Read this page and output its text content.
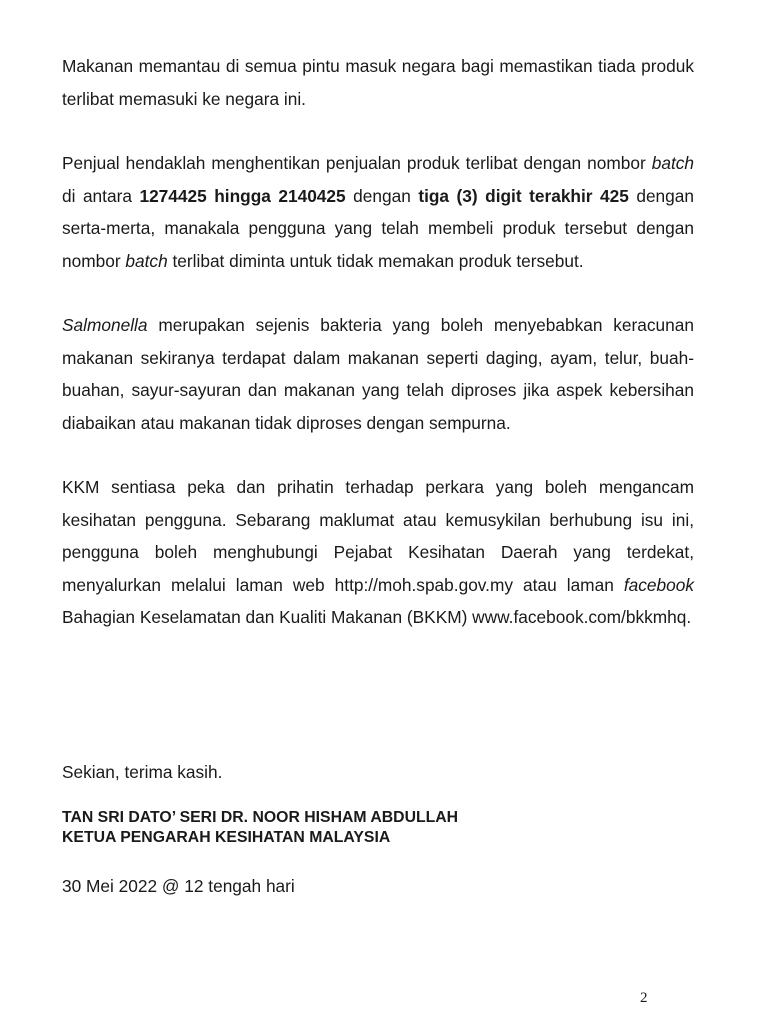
Makanan memantau di semua pintu masuk negara bagi memastikan tiada produk terlibat memasuki ke negara ini.

Penjual hendaklah menghentikan penjualan produk terlibat dengan nombor batch di antara 1274425 hingga 2140425 dengan tiga (3) digit terakhir 425 dengan serta-merta, manakala pengguna yang telah membeli produk tersebut dengan nombor batch terlibat diminta untuk tidak memakan produk tersebut.

Salmonella merupakan sejenis bakteria yang boleh menyebabkan keracunan makanan sekiranya terdapat dalam makanan seperti daging, ayam, telur, buah-buahan, sayur-sayuran dan makanan yang telah diproses jika aspek kebersihan diabaikan atau makanan tidak diproses dengan sempurna.

KKM sentiasa peka dan prihatin terhadap perkara yang boleh mengancam kesihatan pengguna. Sebarang maklumat atau kemusykilan berhubung isu ini, pengguna boleh menghubungi Pejabat Kesihatan Daerah yang terdekat, menyalurkan melalui laman web http://moh.spab.gov.my atau laman facebook Bahagian Keselamatan dan Kualiti Makanan (BKKM) www.facebook.com/bkkmhq.

Sekian, terima kasih.

TAN SRI DATO’ SERI DR. NOOR HISHAM ABDULLAH
KETUA PENGARAH KESIHATAN MALAYSIA
30 Mei 2022 @ 12 tengah hari
2
